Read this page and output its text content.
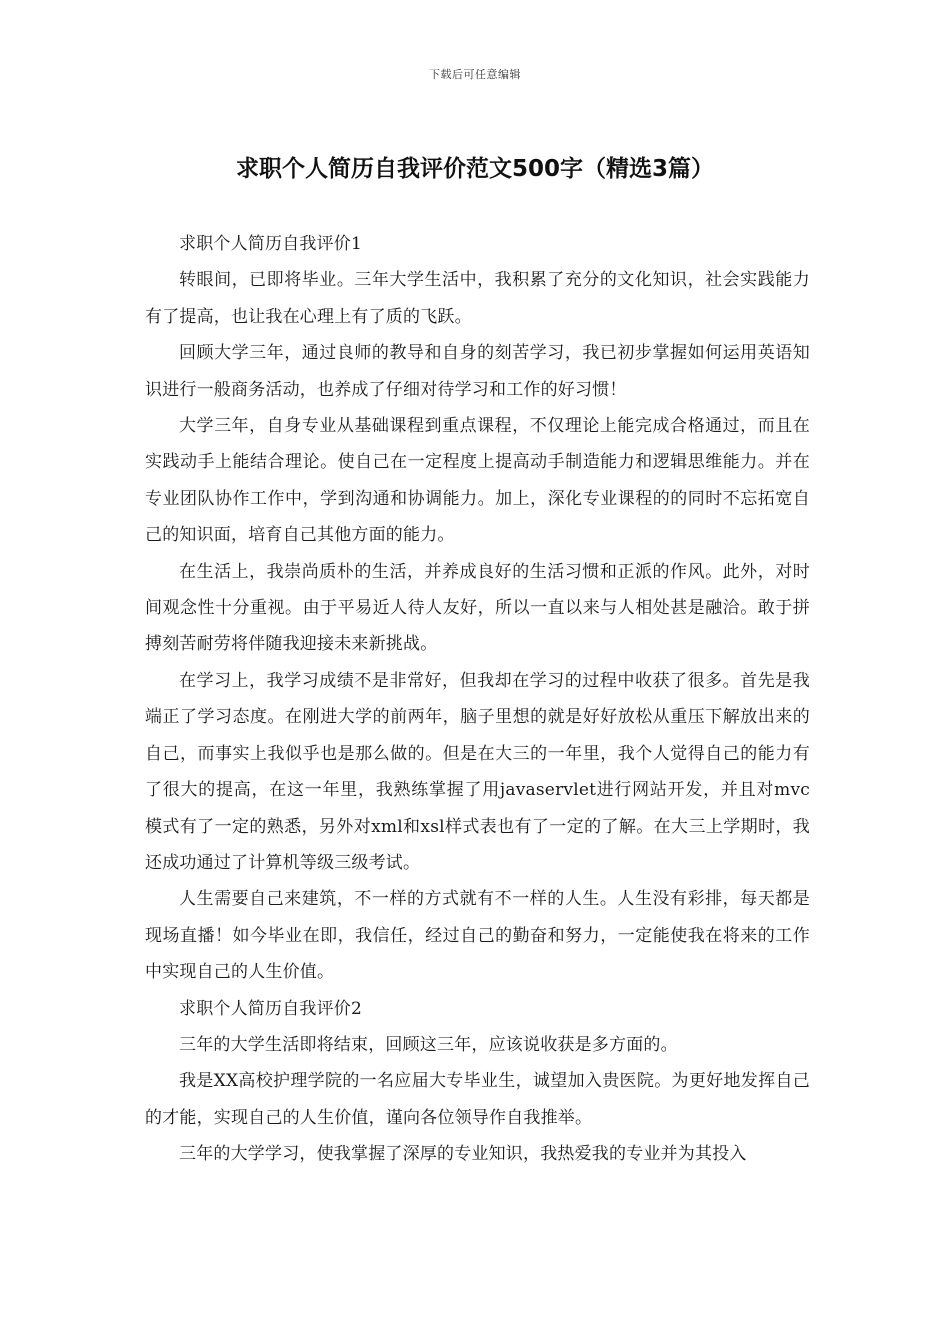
下载后可任意编辑
求职个人简历自我评价范文500字（精选3篇）

求职个人简历自我评价1

转眼间，已即将毕业。三年大学生活中，我积累了充分的文化知识，社会实践能力有了提高，也让我在心理上有了质的飞跃。

回顾大学三年，通过良师的教导和自身的刻苦学习，我已初步掌握如何运用英语知识进行一般商务活动，也养成了仔细对待学习和工作的好习惯！

大学三年，自身专业从基础课程到重点课程，不仅理论上能完成合格通过，而且在实践动手上能结合理论。使自己在一定程度上提高动手制造能力和逻辑思维能力。并在专业团队协作工作中，学到沟通和协调能力。加上，深化专业课程的的同时不忘拓宽自己的知识面，培育自己其他方面的能力。

在生活上，我崇尚质朴的生活，并养成良好的生活习惯和正派的作风。此外，对时间观念性十分重视。由于平易近人待人友好，所以一直以来与人相处甚是融洽。敢于拼搏刻苦耐劳将伴随我迎接未来新挑战。

在学习上，我学习成绩不是非常好，但我却在学习的过程中收获了很多。首先是我端正了学习态度。在刚进大学的前两年，脑子里想的就是好好放松从重压下解放出来的自己，而事实上我似乎也是那么做的。但是在大三的一年里，我个人觉得自己的能力有了很大的提高，在这一年里，我熟练掌握了用javaservlet进行网站开发，并且对mvc模式有了一定的熟悉，另外对xml和xsl样式表也有了一定的了解。在大三上学期时，我还成功通过了计算机等级三级考试。

人生需要自己来建筑，不一样的方式就有不一样的人生。人生没有彩排，每天都是现场直播！如今毕业在即，我信任，经过自己的勤奋和努力，一定能使我在将来的工作中实现自己的人生价值。

求职个人简历自我评价2

三年的大学生活即将结束，回顾这三年，应该说收获是多方面的。

我是XX高校护理学院的一名应届大专毕业生，诚望加入贵医院。为更好地发挥自己的才能，实现自己的人生价值，谨向各位领导作自我推举。

三年的大学学习，使我掌握了深厚的专业知识，我热爱我的专业并为其投入
